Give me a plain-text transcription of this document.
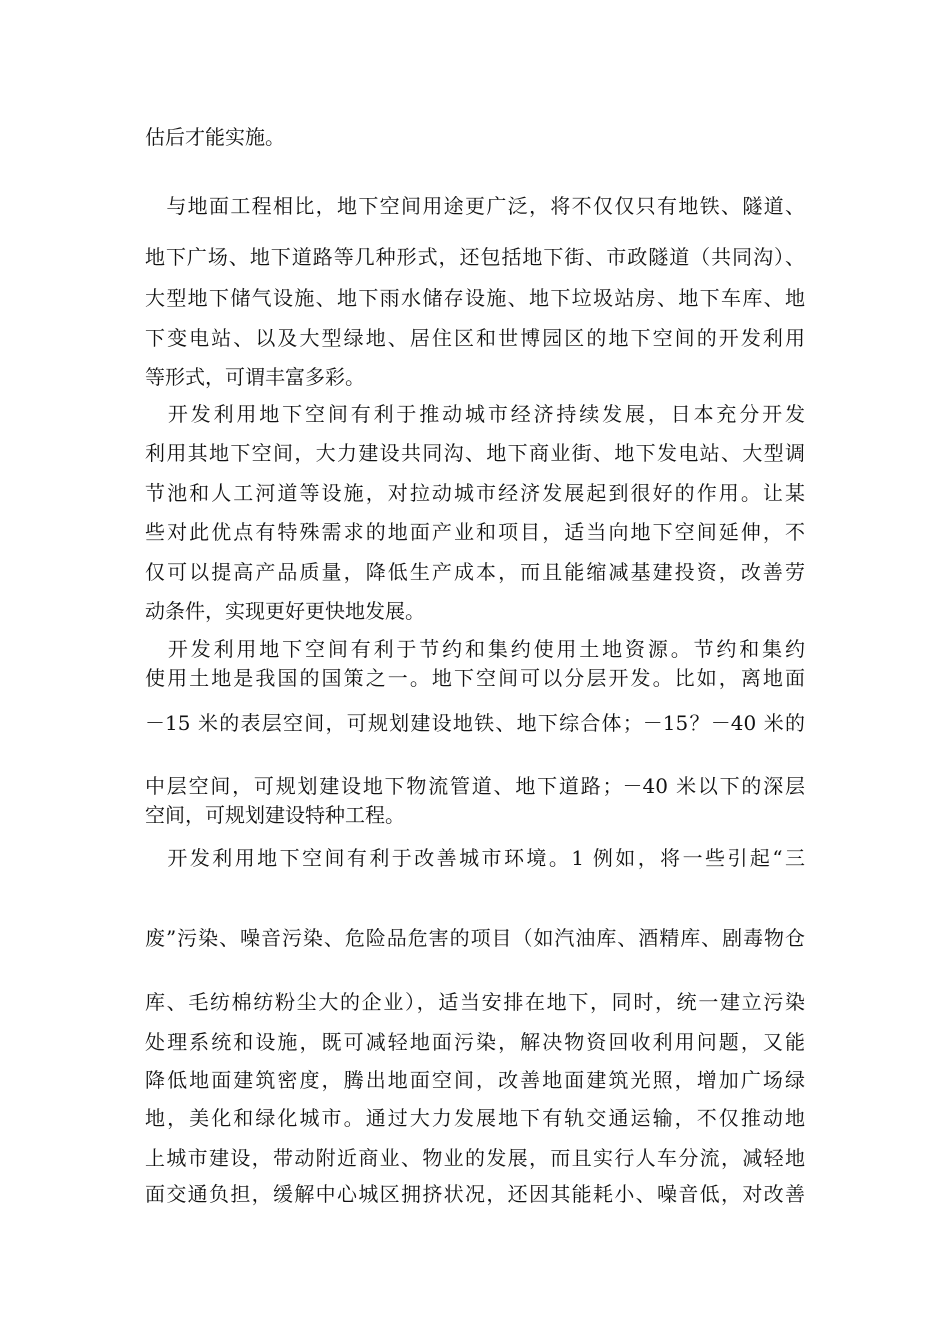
估后才能实施。

　与地面工程相比，地下空间用途更广泛，将不仅仅只有地铁、隧道、

地下广场、地下道路等几种形式，还包括地下街、市政隧道（共同沟）、

大型地下储气设施、地下雨水储存设施、地下垃圾站房、地下车库、地

下变电站、以及大型绿地、居住区和世博园区的地下空间的开发利用

等形式，可谓丰富多彩。

　开发利用地下空间有利于推动城市经济持续发展，日本充分开发

利用其地下空间，大力建设共同沟、地下商业街、地下发电站、大型调

节池和人工河道等设施，对拉动城市经济发展起到很好的作用。让某

些对此优点有特殊需求的地面产业和项目，适当向地下空间延伸，不

仅可以提高产品质量，降低生产成本，而且能缩减基建投资，改善劳

动条件，实现更好更快地发展。

　开发利用地下空间有利于节约和集约使用土地资源。节约和集约

使用土地是我国的国策之一。地下空间可以分层开发。比如，离地面

－15 米的表层空间，可规划建设地铁、地下综合体；－15？－40 米的

中层空间，可规划建设地下物流管道、地下道路；－40 米以下的深层

空间，可规划建设特种工程。

　开发利用地下空间有利于改善城市环境。1 例如，将一些引起“三

废”污染、噪音污染、危险品危害的项目（如汽油库、酒精库、剧毒物仓

库、毛纺棉纺粉尘大的企业），适当安排在地下，同时，统一建立污染

处理系统和设施，既可减轻地面污染，解决物资回收利用问题，又能

降低地面建筑密度，腾出地面空间，改善地面建筑光照，增加广场绿

地，美化和绿化城市。通过大力发展地下有轨交通运输，不仅推动地

上城市建设，带动附近商业、物业的发展，而且实行人车分流，减轻地

面交通负担，缓解中心城区拥挤状况，还因其能耗小、噪音低，对改善
